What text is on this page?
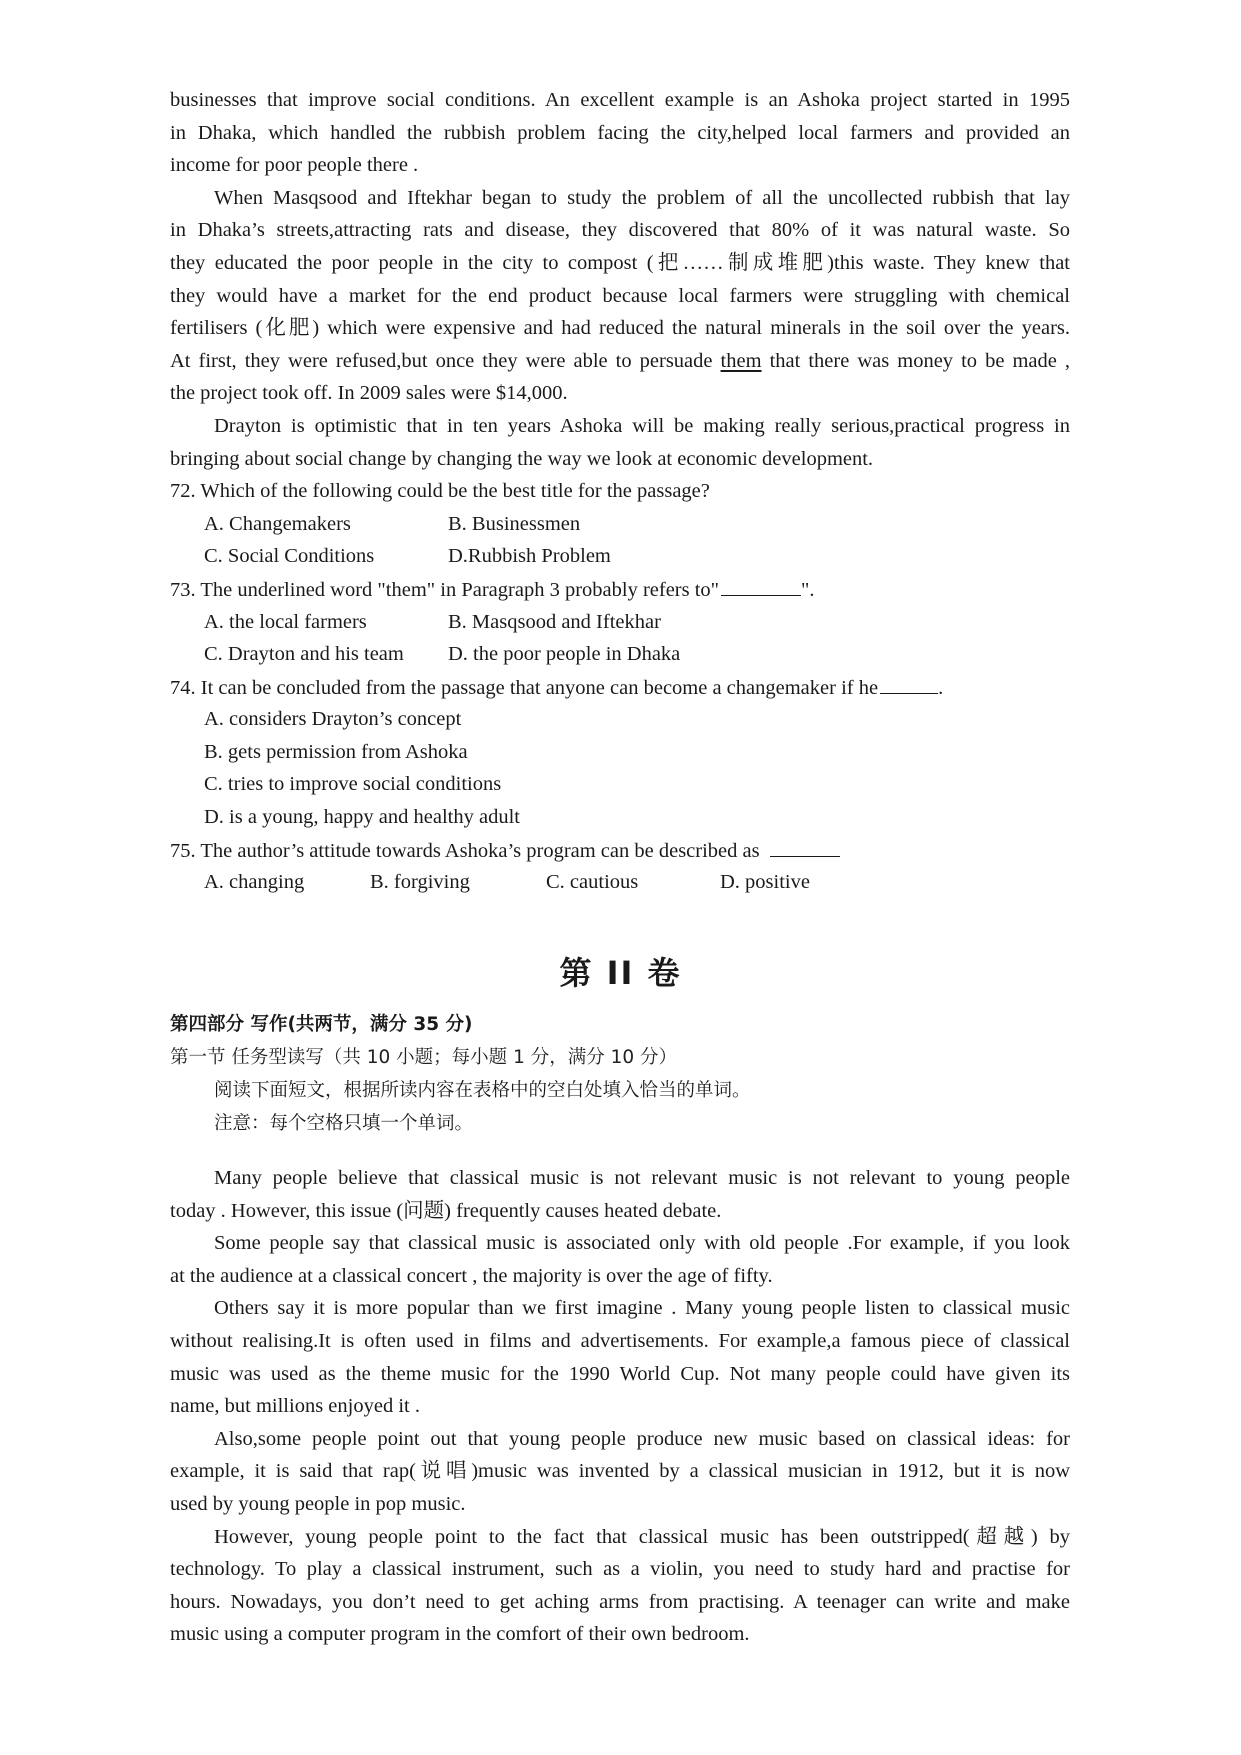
businesses that improve social conditions. An excellent example is an Ashoka project started in 1995
in Dhaka, which handled the rubbish problem facing the city,helped local farmers and provided an
income for poor people there .
When Masqsood and Iftekhar began to study the problem of all the uncollected rubbish that lay
in Dhaka’s streets,attracting rats and disease, they discovered that 80% of it was natural waste. So
they educated the poor people in the city to compost (把……制成堆肥)this waste. They knew that
they would have a market for the end product because local farmers were struggling with chemical
fertilisers (化肥) which were expensive and had reduced the natural minerals in the soil over the years.
At first, they were refused,but once they were able to persuade them that there was money to be made ,
the project took off. In 2009 sales were $14,000.
Drayton is optimistic that in ten years Ashoka will be making really serious,practical progress in
bringing about social change by changing the way we look at economic development.
72. Which of the following could be the best title for the passage?
A. Changemakers	B. Businessmen
C. Social Conditions	D.Rubbish Problem
73. The underlined word "them" in Paragraph 3 probably refers to"	".
A. the local farmers	B. Masqsood and Iftekhar
C. Drayton and his team D. the poor people in Dhaka
74. It can be concluded from the passage that anyone can become a changemaker if he	.
A. considers Drayton’s concept
B. gets permission from Ashoka
C. tries to improve social conditions
D. is a young, happy and healthy adult
75. The author’s attitude towards Ashoka’s program can be described as
A. changing	B. forgiving	C. cautious	D. positive
第 II 卷
第四部分 写作(共两节，满分 35 分)
第一节 任务型读写（共 10 小题；每小题 1 分，满分 10 分）
阅读下面短文，根据所读内容在表格中的空白处填入恰当的单词。
注意：每个空格只填一个单词。
Many people believe that classical music is not relevant music is not relevant to young people
today . However, this issue (问题) frequently causes heated debate.
Some people say that classical music is associated only with old people .For example, if you look
at the audience at a classical concert , the majority is over the age of fifty.
Others say it is more popular than we first imagine . Many young people listen to classical music
without realising.It is often used in films and advertisements. For example,a famous piece of classical
music was used as the theme music for the 1990 World Cup. Not many people could have given its
name, but millions enjoyed it .
Also,some people point out that young people produce new music based on classical ideas: for
example, it is said that rap(说唱)music was invented by a classical musician in 1912, but it is now
used by young people in pop music.
However, young people point to the fact that classical music has been outstripped(超越) by
technology. To play a classical instrument, such as a violin, you need to study hard and practise for
hours. Nowadays, you don’t need to get aching arms from practising. A teenager can write and make
music using a computer program in the comfort of their own bedroom.
